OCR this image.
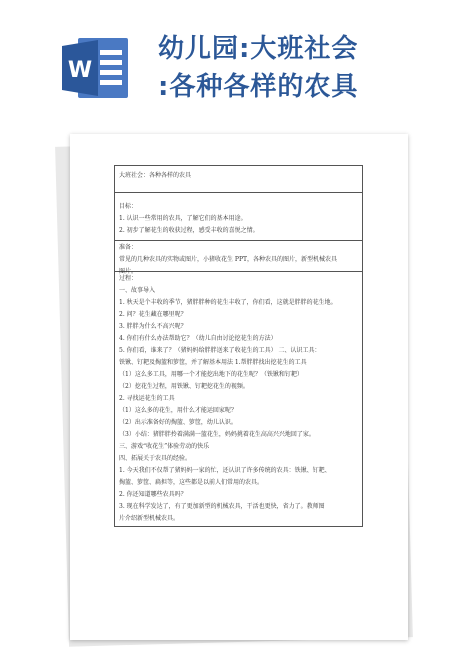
W
幼儿园:大班社会
:各种各样的农具
大班社会：各种各样的农具
目标：
1. 认识一些常用的农具，了解它们的基本用途。
2. 初步了解花生的收获过程，感受丰收的喜悦之情。
准备：
常见的几种农具的实物或图片，小猪收花生 PPT，各种农具的图片，新型机械农具
图片。
过程：
一、故事导入
1. 秋天是个丰收的季节，猪胖胖种的花生丰收了，你们看，这就是胖胖的花生地。
2. 问？花生藏在哪里呢？
3. 胖胖为什么不高兴呢？
4. 你们有什么办法帮助它？（幼儿自由讨论挖花生的方法）
5. 你们看，谁来了？（猪妈妈给胖胖送来了收花生的工具） 二、认识工具：
铁锹、钉耙及掏篮和箩筐，并了解基本用法 1.帮胖胖找出挖花生的工具
（1）这么多工具，用哪一个才能挖出地下的花生呢？（铁锹和钉耙）
（2）挖花生过程，用铁锹、钉耙挖花生的视频。
2. 寻找运花生的工具
（1）这么多的花生，用什么才能运回家呢？
（2）出示准备好的掏篮、箩筐，幼儿认识。
（3）小结：猪胖胖拎着满满一篮花生，妈妈挑着花生高高兴兴地回了家。
三、游戏“收花生”体验劳动的快乐
四、拓展关于农具的经验。
1. 今天我们不仅帮了猪妈妈一家的忙，还认识了许多传统的农具：铁锹、钉耙、
掏篮、箩筐、扁担等，这些都是以前人们常用的农具。
2. 你还知道哪些农具吗？
3. 现在科学发达了，有了更加新型的机械农具，干活也更快，省力了。教师图
片介绍新型机械农具。
